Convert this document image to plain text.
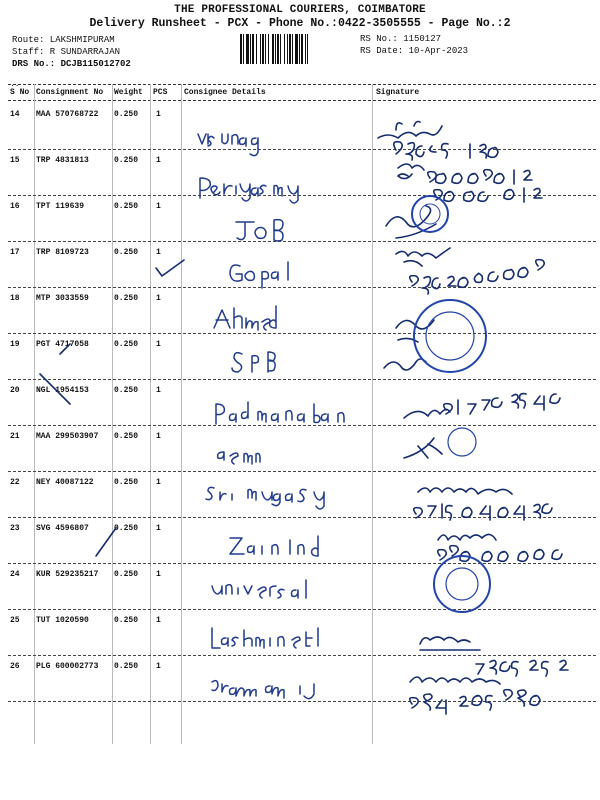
THE PROFESSIONAL COURIERS, COIMBATORE
Delivery Runsheet - PCX - Phone No.:0422-3505555 - Page No.:2
Route: LAKSHMIPURAM
Staff: R SUNDARRAJAN
DRS No.: DCJB115012702
RS No.: 1150127
RS Date: 10-Apr-2023
..
S No Consignment No Weight PCS Consignee Details	Signature
14 MAA 570768722 0.250 1
15 TRP 4831813	0.250 1
16 TPT 119639	0.250 1
17 TRP 8109723	0.250 1
18 MTP 3033559	0.250 1
19 PGT 4717058	0.250 1
20 NGL 1954153	0.250 1
21 MAA 299503907 0.250 1
22 NEY 40087122	0.250 1
23 SVG 4596807	0.250 1
24 KUR 529235217 0.250 1
25 TUT 1020590	0.250 1
26 PLG 600002773 0.250 1
AGRO MET LAB
CBE - 06
